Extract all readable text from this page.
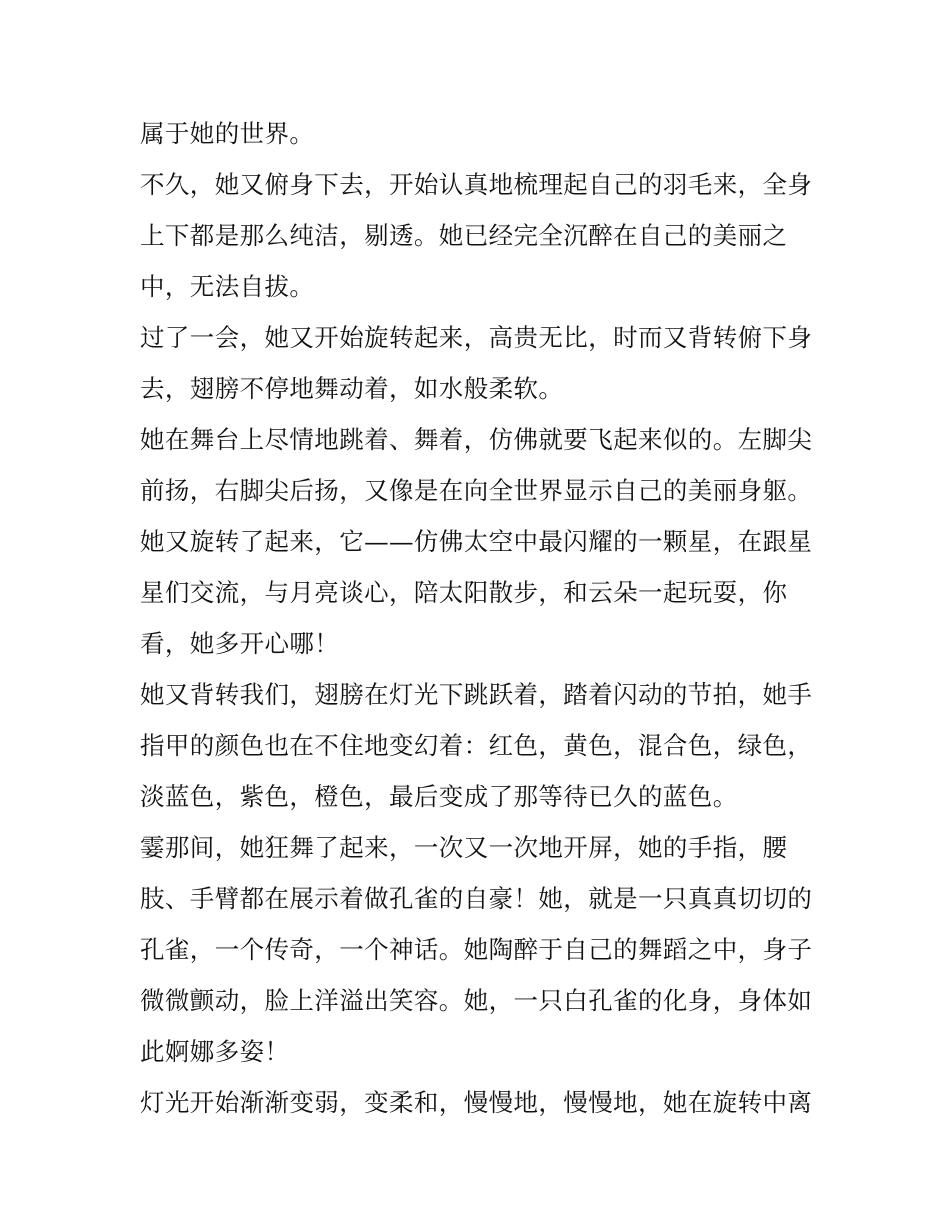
属于她的世界。
不久，她又俯身下去，开始认真地梳理起自己的羽毛来，全身
上下都是那么纯洁，剔透。她已经完全沉醉在自己的美丽之
中，无法自拔。
过了一会，她又开始旋转起来，高贵无比，时而又背转俯下身
去，翅膀不停地舞动着，如水般柔软。
她在舞台上尽情地跳着、舞着，仿佛就要飞起来似的。左脚尖
前扬，右脚尖后扬，又像是在向全世界显示自己的美丽身躯。
她又旋转了起来，它——仿佛太空中最闪耀的一颗星，在跟星
星们交流，与月亮谈心，陪太阳散步，和云朵一起玩耍，你
看，她多开心哪！
她又背转我们，翅膀在灯光下跳跃着，踏着闪动的节拍，她手
指甲的颜色也在不住地变幻着：红色，黄色，混合色，绿色，
淡蓝色，紫色，橙色，最后变成了那等待已久的蓝色。
霎那间，她狂舞了起来，一次又一次地开屏，她的手指，腰
肢、手臂都在展示着做孔雀的自豪！她，就是一只真真切切的
孔雀，一个传奇，一个神话。她陶醉于自己的舞蹈之中，身子
微微颤动，脸上洋溢出笑容。她，一只白孔雀的化身，身体如
此婀娜多姿！
灯光开始渐渐变弱，变柔和，慢慢地，慢慢地，她在旋转中离
